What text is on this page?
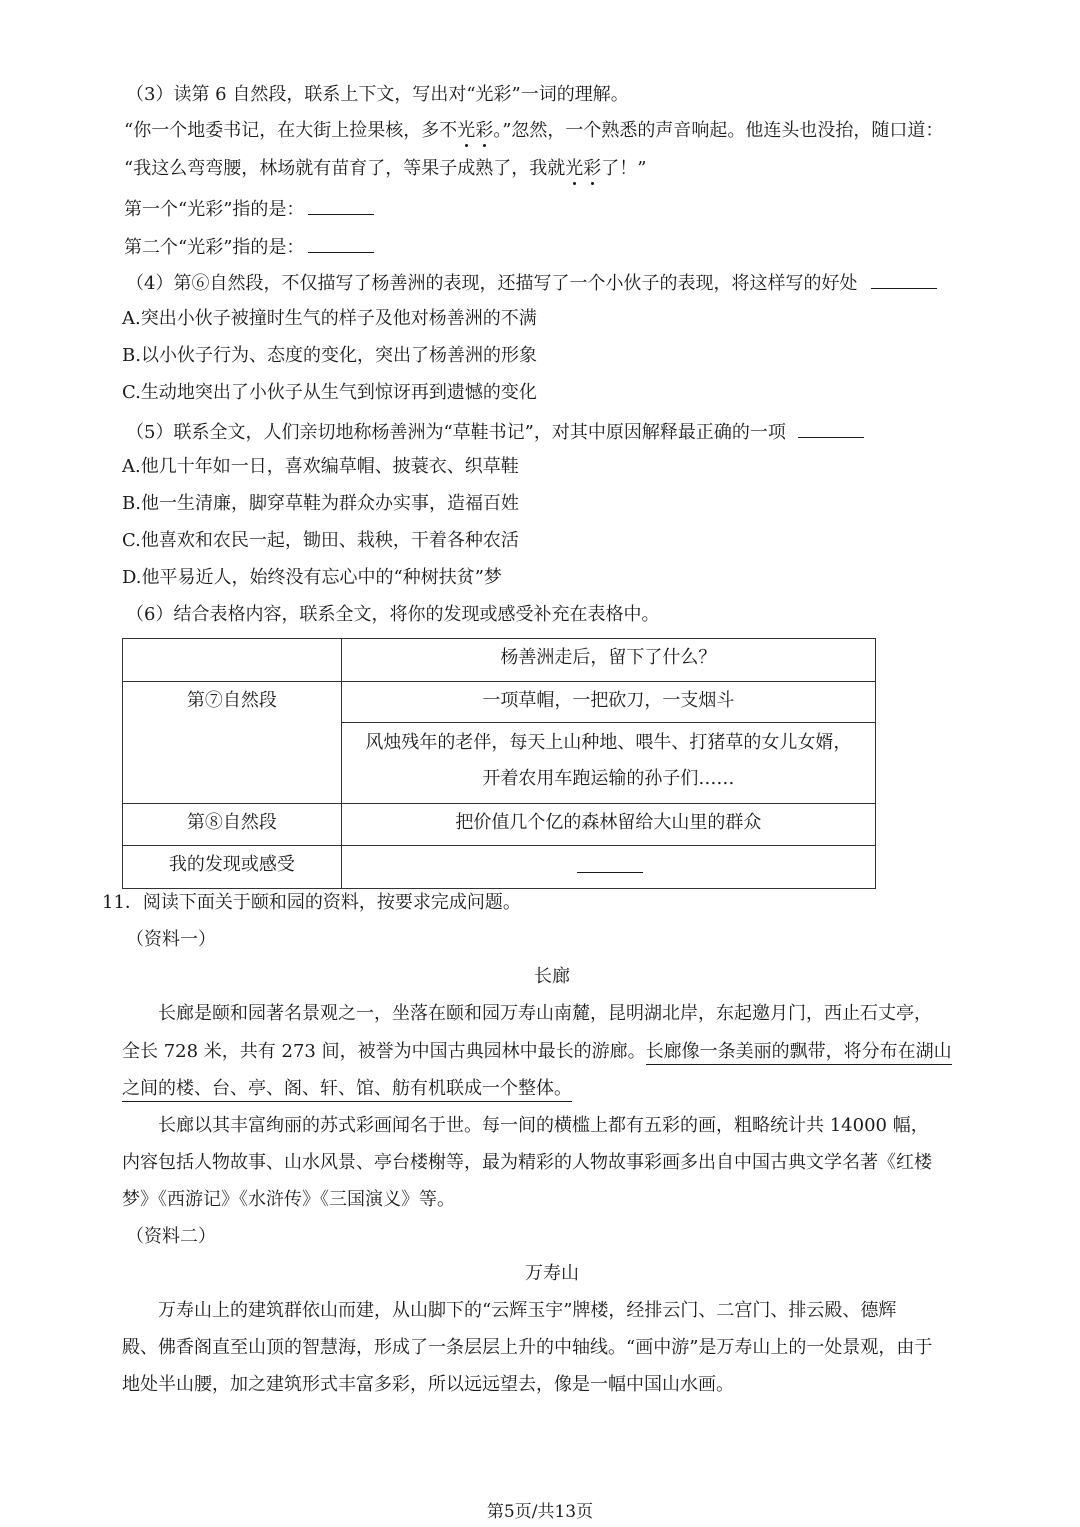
（3）读第 6 自然段，联系上下文，写出对“光彩”一词的理解。
“你一个地委书记，在大街上捡果核，多不光彩。”忽然，一个熟悉的声音响起。他连头也没抬，随口道：
“我这么弯弯腰，林场就有苗育了，等果子成熟了，我就光彩了！”
第一个“光彩”指的是：
第二个“光彩”指的是：
（4）第⑥自然段，不仅描写了杨善洲的表现，还描写了一个小伙子的表现，将这样写的好处
A.突出小伙子被撞时生气的样子及他对杨善洲的不满
B.以小伙子行为、态度的变化，突出了杨善洲的形象
C.生动地突出了小伙子从生气到惊讶再到遗憾的变化
（5）联系全文，人们亲切地称杨善洲为“草鞋书记”，对其中原因解释最正确的一项
A.他几十年如一日，喜欢编草帽、披蓑衣、织草鞋
B.他一生清廉，脚穿草鞋为群众办实事，造福百姓
C.他喜欢和农民一起，锄田、栽秧，干着各种农活
D.他平易近人，始终没有忘心中的“种树扶贫”梦
（6）结合表格内容，联系全文，将你的发现或感受补充在表格中。

	杨善洲走后，留下了什么？

第⑦自然段	一项草帽，一把砍刀，一支烟斗

	风烛残年的老伴，每天上山种地、喂牛、打猪草的女儿女婿，
开着农用车跑运输的孙子们……

第⑧自然段	把价值几个亿的森林留给大山里的群众

我的发现或感受	

11．阅读下面关于颐和园的资料，按要求完成问题。
（资料一）
长廊
长廊是颐和园著名景观之一，坐落在颐和园万寿山南麓，昆明湖北岸，东起邀月门，西止石丈亭，
全长 728 米，共有 273 间，被誉为中国古典园林中最长的游廊。长廊像一条美丽的飘带，将分布在湖山
之间的楼、台、亭、阁、轩、馆、舫有机联成一个整体。
长廊以其丰富绚丽的苏式彩画闻名于世。每一间的横槛上都有五彩的画，粗略统计共 14000 幅，
内容包括人物故事、山水风景、亭台楼榭等，最为精彩的人物故事彩画多出自中国古典文学名著《红楼
梦》《西游记》《水浒传》《三国演义》等。
（资料二）
万寿山
万寿山上的建筑群依山而建，从山脚下的“云辉玉宇”牌楼，经排云门、二宫门、排云殿、德辉
殿、佛香阁直至山顶的智慧海，形成了一条层层上升的中轴线。“画中游”是万寿山上的一处景观，由于
地处半山腰，加之建筑形式丰富多彩，所以远远望去，像是一幅中国山水画。
第5页/共13页
